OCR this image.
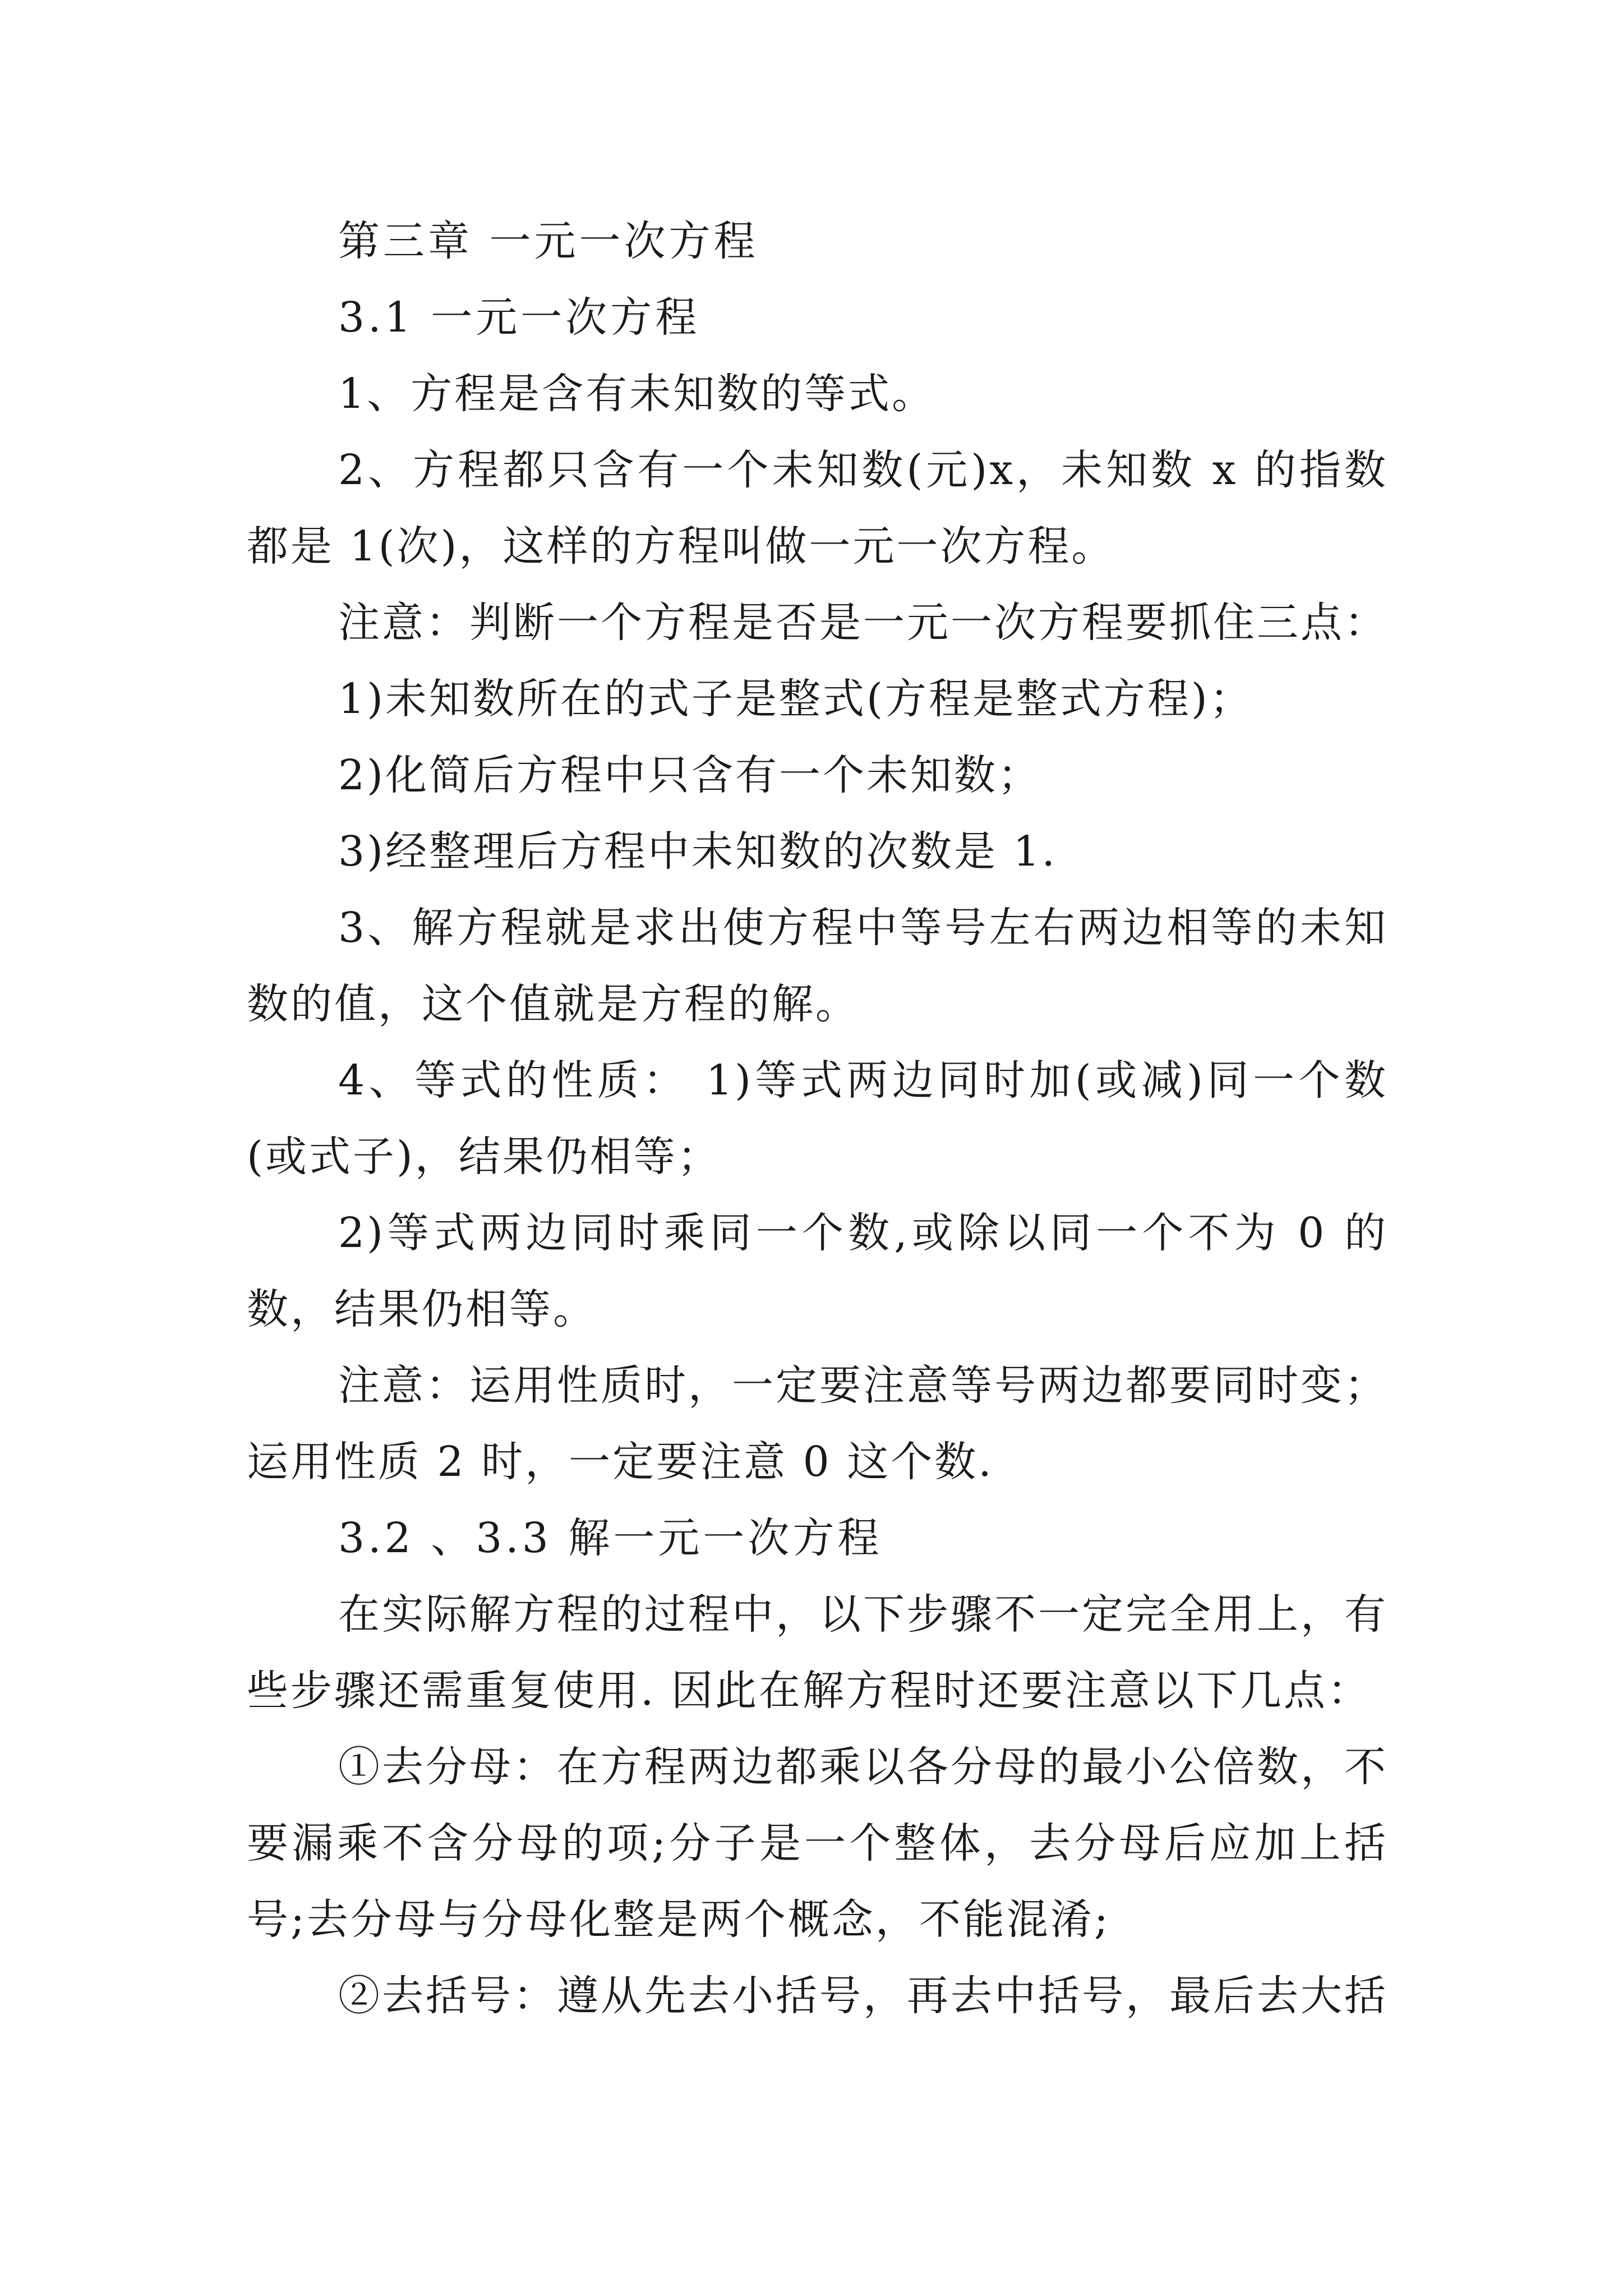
第三章 一元一次方程

3.1 一元一次方程

1、方程是含有未知数的等式。

2、方程都只含有一个未知数(元)x，未知数 x 的指数都是 1(次)，这样的方程叫做一元一次方程。

注意：判断一个方程是否是一元一次方程要抓住三点：

1)未知数所在的式子是整式(方程是整式方程)；

2)化简后方程中只含有一个未知数；

3)经整理后方程中未知数的次数是 1.

3、解方程就是求出使方程中等号左右两边相等的未知数的值，这个值就是方程的解。

4、等式的性质： 1)等式两边同时加(或减)同一个数(或式子)，结果仍相等；

2)等式两边同时乘同一个数,或除以同一个不为 0 的数，结果仍相等。

注意：运用性质时，一定要注意等号两边都要同时变；运用性质 2 时，一定要注意 0 这个数.

3.2 、3.3 解一元一次方程

在实际解方程的过程中，以下步骤不一定完全用上，有些步骤还需重复使用. 因此在解方程时还要注意以下几点：

①去分母：在方程两边都乘以各分母的最小公倍数，不要漏乘不含分母的项;分子是一个整体，去分母后应加上括号;去分母与分母化整是两个概念，不能混淆;

②去括号：遵从先去小括号，再去中括号，最后去大括
